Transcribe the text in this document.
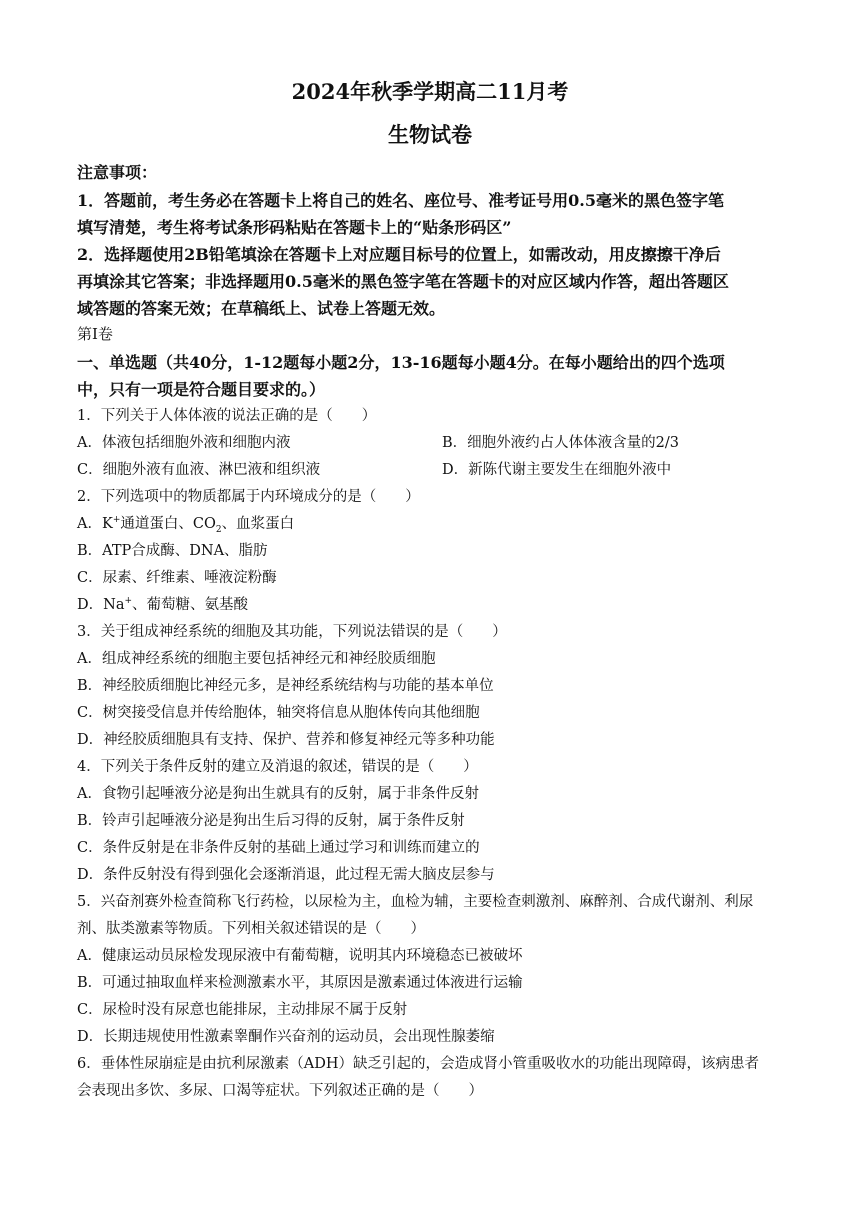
2024年秋季学期高二11月考
生物试卷
注意事项：
1．答题前，考生务必在答题卡上将自己的姓名、座位号、准考证号用0.5毫米的黑色签字笔
填写清楚，考生将考试条形码粘贴在答题卡上的“贴条形码区”
2．选择题使用2B铅笔填涂在答题卡上对应题目标号的位置上，如需改动，用皮擦擦干净后
再填涂其它答案；非选择题用0.5毫米的黑色签字笔在答题卡的对应区域内作答，超出答题区
域答题的答案无效；在草稿纸上、试卷上答题无效。
第Ⅰ卷
一、单选题（共40分，1-12题每小题2分，13-16题每小题4分。在每小题给出的四个选项
中，只有一项是符合题目要求的。）
1．下列关于人体体液的说法正确的是（　　）
A．体液包括细胞外液和细胞内液	B．细胞外液约占人体体液含量的2/3
C．细胞外液有血液、淋巴液和组织液	D．新陈代谢主要发生在细胞外液中
2．下列选项中的物质都属于内环境成分的是（　　）
A．K+通道蛋白、$CO_2$、血浆蛋白
B．ATP合成酶、DNA、脂肪
C．尿素、纤维素、唾液淀粉酶
D．Na+、葡萄糖、氨基酸
3．关于组成神经系统的细胞及其功能，下列说法错误的是（　　）
A．组成神经系统的细胞主要包括神经元和神经胶质细胞
B．神经胶质细胞比神经元多，是神经系统结构与功能的基本单位
C．树突接受信息并传给胞体，轴突将信息从胞体传向其他细胞
D．神经胶质细胞具有支持、保护、营养和修复神经元等多种功能
4．下列关于条件反射的建立及消退的叙述，错误的是（　　）
A．食物引起唾液分泌是狗出生就具有的反射，属于非条件反射
B．铃声引起唾液分泌是狗出生后习得的反射，属于条件反射
C．条件反射是在非条件反射的基础上通过学习和训练而建立的
D．条件反射没有得到强化会逐渐消退，此过程无需大脑皮层参与
5．兴奋剂赛外检查简称飞行药检，以尿检为主，血检为辅，主要检查刺激剂、麻醉剂、合成代谢剂、利尿
剂、肽类激素等物质。下列相关叙述错误的是（　　）
A．健康运动员尿检发现尿液中有葡萄糖，说明其内环境稳态已被破坏
B．可通过抽取血样来检测激素水平，其原因是激素通过体液进行运输
C．尿检时没有尿意也能排尿，主动排尿不属于反射
D．长期违规使用性激素睾酮作兴奋剂的运动员，会出现性腺萎缩
6．垂体性尿崩症是由抗利尿激素（ADH）缺乏引起的，会造成肾小管重吸收水的功能出现障碍，该病患者
会表现出多饮、多尿、口渴等症状。下列叙述正确的是（　　）
